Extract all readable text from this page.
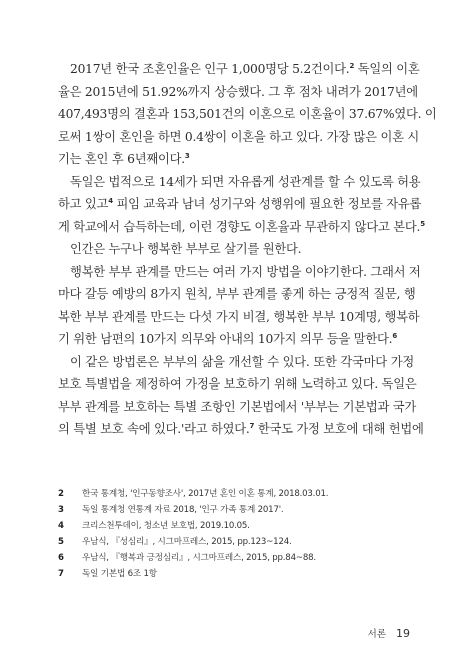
2017년 한국 조혼인율은 인구 1,000명당 5.2건이다.$^2$ 독일의 이혼
율은 2015년에 51.92%까지 상승했다. 그 후 점차 내려가 2017년에
407,493명의 결혼과 153,501건의 이혼으로 이혼율이 37.67%였다. 이
로써 1쌍이 혼인을 하면 0.4쌍이 이혼을 하고 있다. 가장 많은 이혼 시
기는 혼인 후 6년째이다.$^3$

독일은 법적으로 14세가 되면 자유롭게 성관계를 할 수 있도록 허용
하고 있고$^4$ 피임 교육과 남녀 성기구와 성행위에 필요한 정보를 자유롭
게 학교에서 습득하는데, 이런 경향도 이혼율과 무관하지 않다고 본다.$^5$

인간은 누구나 행복한 부부로 살기를 원한다.

행복한 부부 관계를 만드는 여러 가지 방법을 이야기한다. 그래서 저
마다 갈등 예방의 8가지 원칙, 부부 관계를 좋게 하는 긍정적 질문, 행
복한 부부 관계를 만드는 다섯 가지 비결, 행복한 부부 10계명, 행복하
기 위한 남편의 10가지 의무와 아내의 10가지 의무 등을 말한다.$^6$

이 같은 방법론은 부부의 삶을 개선할 수 있다. 또한 각국마다 가정
보호 특별법을 제정하여 가정을 보호하기 위해 노력하고 있다. 독일은
부부 관계를 보호하는 특별 조항인 기본법에서 '부부는 기본법과 국가
의 특별 보호 속에 있다.'라고 하였다.$^7$ 한국도 가정 보호에 대해 헌법에

2	한국 통계청, '인구동향조사', 2017년 혼인 이혼 통계, 2018.03.01.
3	독일 통계청 연통계 자료 2018, '인구 가족 통계 2017'.
4	크리스천투데이, 청소년 보호법, 2019.10.05.
5	우남식, 『성심리』, 시그마프레스, 2015, pp.123~124.
6	우남식, 『행복과 긍정심리』, 시그마프레스, 2015, pp.84~88.
7	독일 기본법 6조 1항
서론 19
